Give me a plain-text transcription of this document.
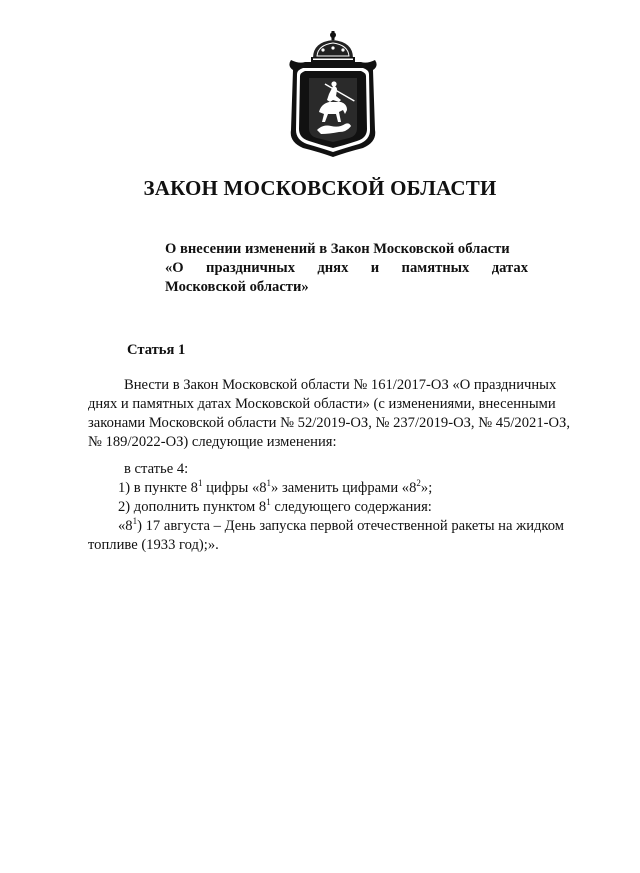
ЗАКОН МОСКОВСКОЙ ОБЛАСТИ
О внесении изменений в Закон Московской области
«О праздничных днях и памятных датах
Московской области»
Статья 1
Внести в Закон Московской области № 161/2017-ОЗ «О праздничных
днях и памятных датах Московской области» (с изменениями, внесенными
законами Московской области № 52/2019-ОЗ, № 237/2019-ОЗ, № 45/2021-ОЗ,
№ 189/2022-ОЗ) следующие изменения:
в статье 4:
1) в пункте $8^1$ цифры «$8^1$» заменить цифрами «$8^2$»;
2) дополнить пунктом $8^1$ следующего содержания:
«$8^1$) 17 августа – День запуска первой отечественной ракеты на жидком
топливе (1933 год);».
